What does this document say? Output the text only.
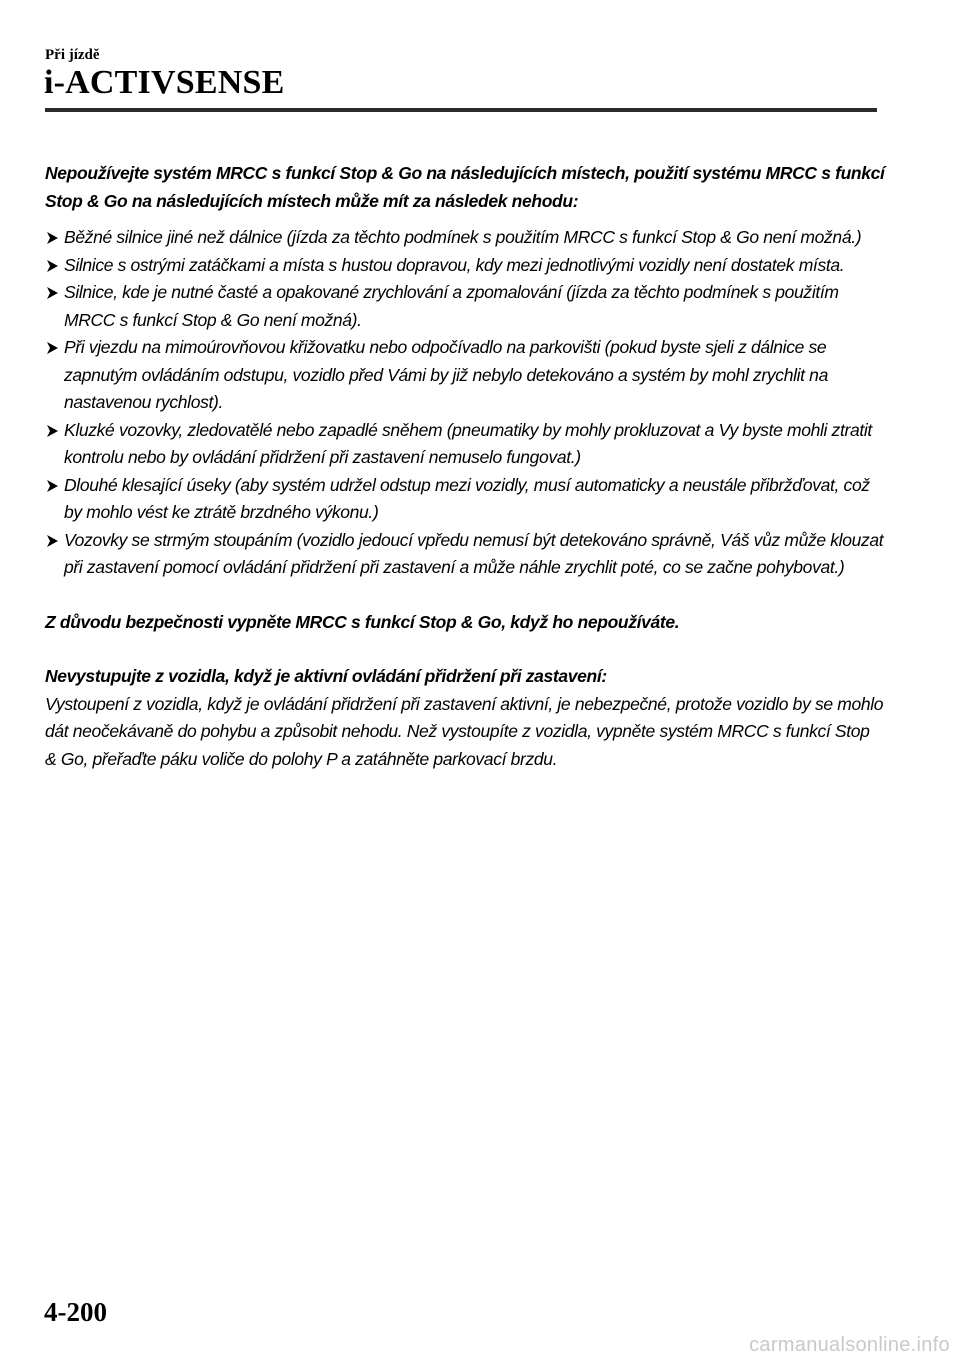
Při jízdě
i-ACTIVSENSE

Nepoužívejte systém MRCC s funkcí Stop & Go na následujících místech, použití systému MRCC s funkcí Stop & Go na následujících místech může mít za následek nehodu:

Běžné silnice jiné než dálnice (jízda za těchto podmínek s použitím MRCC s funkcí Stop & Go není možná.)
Silnice s ostrými zatáčkami a místa s hustou dopravou, kdy mezi jednotlivými vozidly není dostatek místa.
Silnice, kde je nutné časté a opakované zrychlování a zpomalování (jízda za těchto podmínek s použitím MRCC s funkcí Stop & Go není možná).
Při vjezdu na mimoúrovňovou křižovatku nebo odpočívadlo na parkovišti (pokud byste sjeli z dálnice se zapnutým ovládáním odstupu, vozidlo před Vámi by již nebylo detekováno a systém by mohl zrychlit na nastavenou rychlost).
Kluzké vozovky, zledovatělé nebo zapadlé sněhem (pneumatiky by mohly prokluzovat a Vy byste mohli ztratit kontrolu nebo by ovládání přidržení při zastavení nemuselo fungovat.)
Dlouhé klesající úseky (aby systém udržel odstup mezi vozidly, musí automaticky a neustále přibržďovat, což by mohlo vést ke ztrátě brzdného výkonu.)
Vozovky se strmým stoupáním (vozidlo jedoucí vpředu nemusí být detekováno správně, Váš vůz může klouzat při zastavení pomocí ovládání přidržení při zastavení a může náhle zrychlit poté, co se začne pohybovat.)

Z důvodu bezpečnosti vypněte MRCC s funkcí Stop & Go, když ho nepoužíváte.

Nevystupujte z vozidla, když je aktivní ovládání přidržení při zastavení:

Vystoupení z vozidla, když je ovládání přidržení při zastavení aktivní, je nebezpečné, protože vozidlo by se mohlo dát neočekávaně do pohybu a způsobit nehodu. Než vystoupíte z vozidla, vypněte systém MRCC s funkcí Stop & Go, přeřaďte páku voliče do polohy P a zatáhněte parkovací brzdu.

4-200
carmanualsonline.info
